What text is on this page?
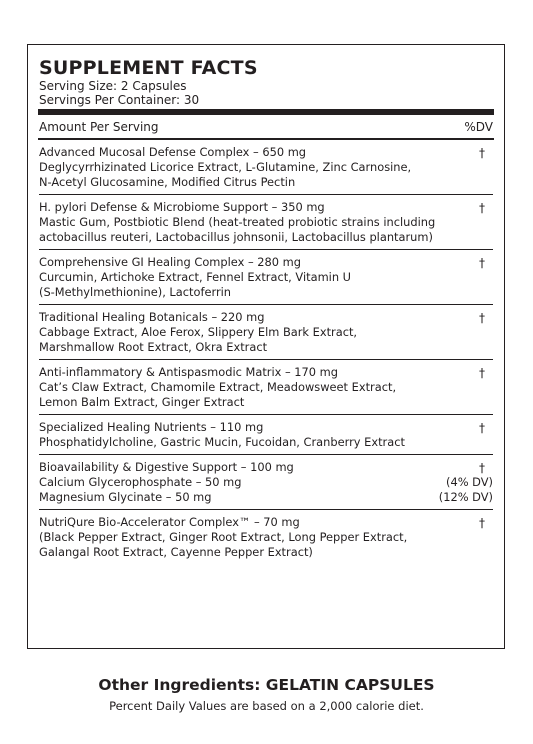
SUPPLEMENT FACTS
Serving Size: 2 Capsules
Servings Per Container: 30
Amount Per Serving	%DV
Advanced Mucosal Defense Complex – 650 mg	†
Deglycyrrhizinated Licorice Extract, L-Glutamine, Zinc Carnosine,
N-Acetyl Glucosamine, Modified Citrus Pectin
H. pylori Defense & Microbiome Support – 350 mg	†
Mastic Gum, Postbiotic Blend (heat-treated probiotic strains including
actobacillus reuteri, Lactobacillus johnsonii, Lactobacillus plantarum)
Comprehensive GI Healing Complex – 280 mg	†
Curcumin, Artichoke Extract, Fennel Extract, Vitamin U
(S-Methylmethionine), Lactoferrin
Traditional Healing Botanicals – 220 mg	†
Cabbage Extract, Aloe Ferox, Slippery Elm Bark Extract,
Marshmallow Root Extract, Okra Extract
Anti-inflammatory & Antispasmodic Matrix – 170 mg	†
Cat’s Claw Extract, Chamomile Extract, Meadowsweet Extract,
Lemon Balm Extract, Ginger Extract
Specialized Healing Nutrients – 110 mg	†
Phosphatidylcholine, Gastric Mucin, Fucoidan, Cranberry Extract
Bioavailability & Digestive Support – 100 mg	†
Calcium Glycerophosphate – 50 mg	(4% DV)
Magnesium Glycinate – 50 mg	(12% DV)
NutriQure Bio-Accelerator Complex™ – 70 mg	†
(Black Pepper Extract, Ginger Root Extract, Long Pepper Extract,
Galangal Root Extract, Cayenne Pepper Extract)
Other Ingredients: GELATIN CAPSULES
Percent Daily Values are based on a 2,000 calorie diet.
